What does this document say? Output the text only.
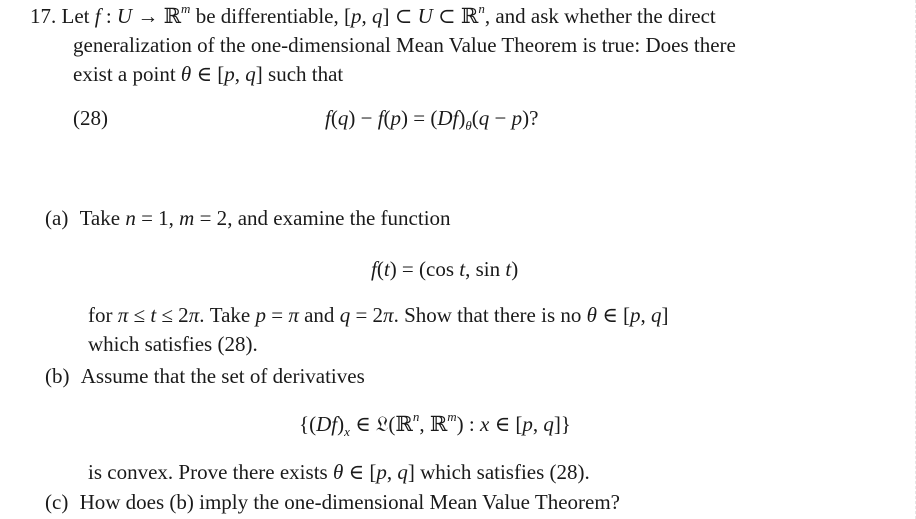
17. Let f : U → ℝ$^m$ be differentiable, [p, q] ⊂ U ⊂ ℝ$^n$, and ask whether the direct
generalization of the one-dimensional Mean Value Theorem is true: Does there
exist a point θ ∈ [p, q] such that
(28)	$f(q) - f(p) = (Df)_\theta(q - p)$?
(a) Take n = 1, m = 2, and examine the function
f(t) = (cos t, sin t)
for π ≤ t ≤ 2π. Take p = π and q = 2π. Show that there is no θ ∈ [p, q]
which satisfies (28).
(b) Assume that the set of derivatives
{$(Df)_x$ ∈ 𝔏(ℝ$^n$, ℝ$^m$) : x ∈ [p, q]}
is convex. Prove there exists θ ∈ [p, q] which satisfies (28).
(c) How does (b) imply the one-dimensional Mean Value Theorem?
